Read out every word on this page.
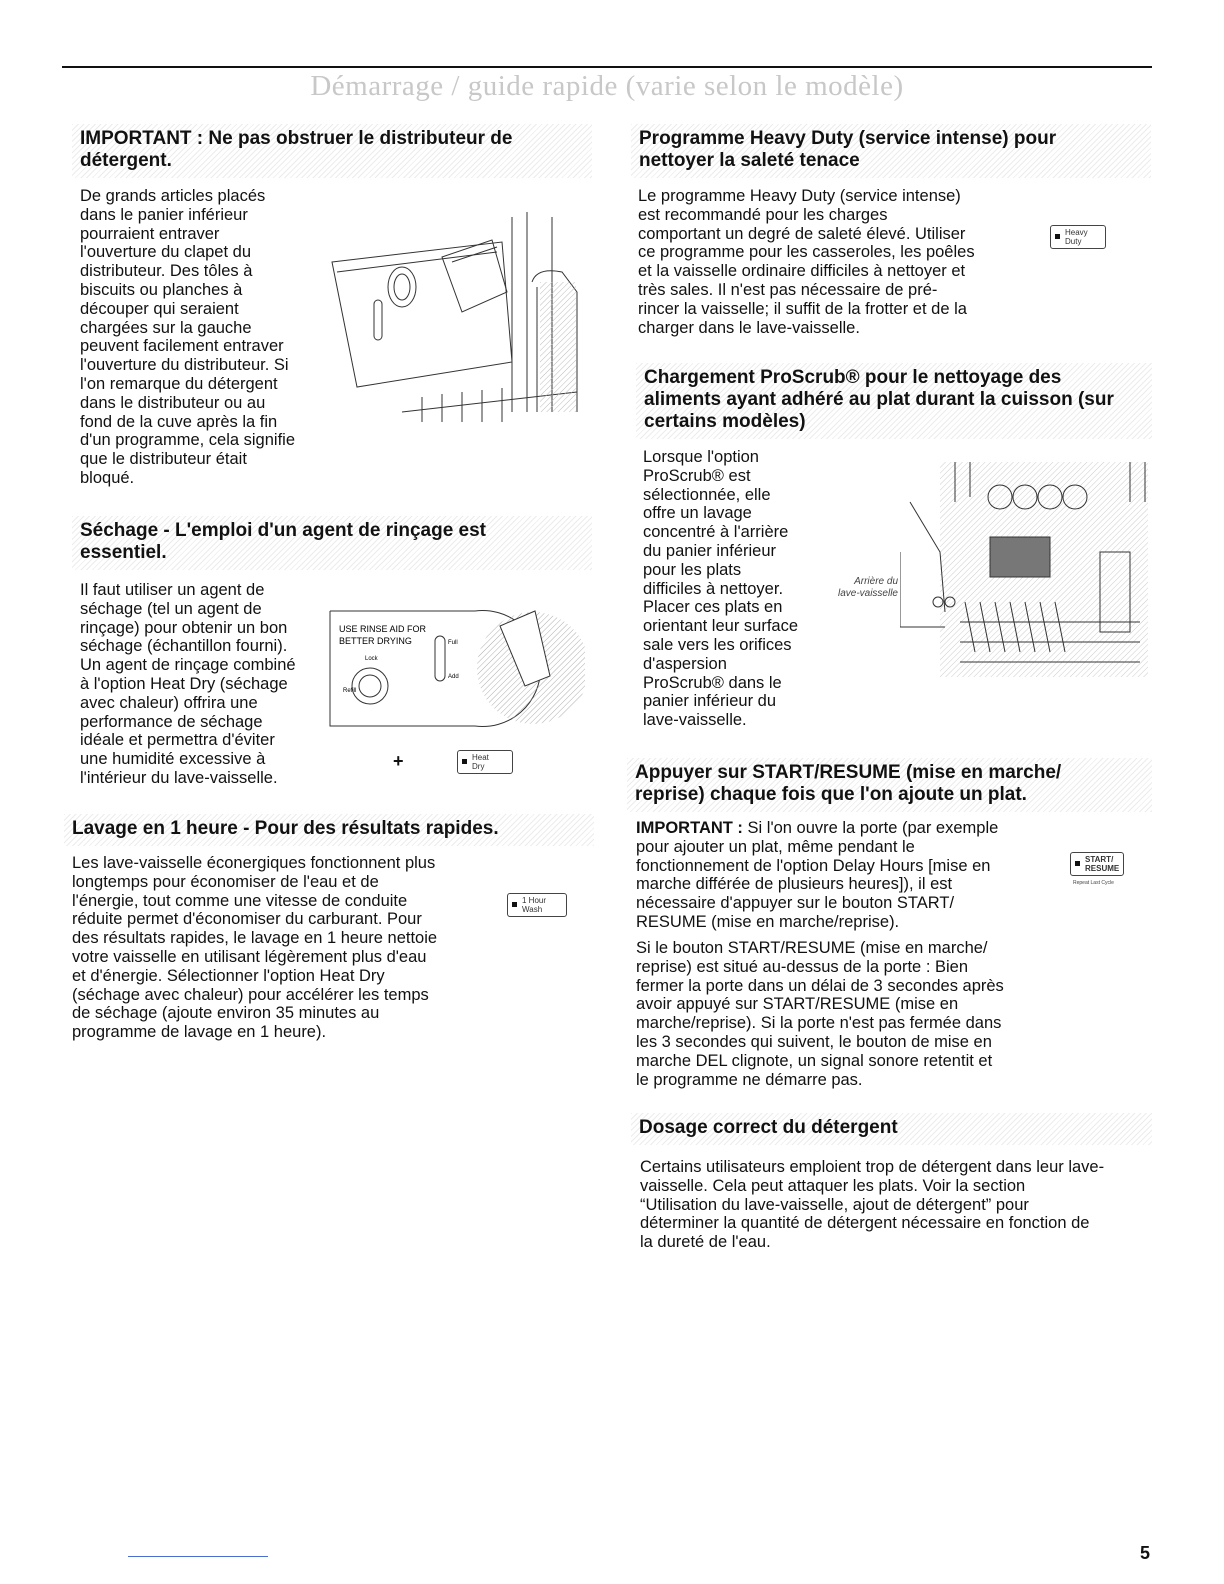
Démarrage / guide rapide (varie selon le modèle)
IMPORTANT : Ne pas obstruer le distributeur de
détergent.
De grands articles placés
dans le panier inférieur
pourraient entraver
l'ouverture du clapet du
distributeur. Des tôles à
biscuits ou planches à
découper qui seraient
chargées sur la gauche
peuvent facilement entraver
l'ouverture du distributeur. Si
l'on remarque du détergent
dans le distributeur ou au
fond de la cuve après la fin
d'un programme, cela signifie
que le distributeur était
bloqué.
Séchage - L'emploi d'un agent de rinçage est
essentiel.
Il faut utiliser un agent de
séchage (tel un agent de
rinçage) pour obtenir un bon
séchage (échantillon fourni).
Un agent de rinçage combiné
à l'option Heat Dry (séchage
avec chaleur) offrira une
performance de séchage
idéale et permettra d'éviter
une humidité excessive à
l'intérieur du lave-vaisselle.
USE RINSE AID FOR
BETTER DRYING
Lock
Refill
Full
Add
+	Heat
Dry
Lavage en 1 heure - Pour des résultats rapides.
Les lave-vaisselle éconergiques fonctionnent plus
longtemps pour économiser de l'eau et de
l'énergie, tout comme une vitesse de conduite
réduite permet d'économiser du carburant. Pour
des résultats rapides, le lavage en 1 heure nettoie
votre vaisselle en utilisant légèrement plus d'eau
et d'énergie. Sélectionner l'option Heat Dry
(séchage avec chaleur) pour accélérer les temps
de séchage (ajoute environ 35 minutes au
programme de lavage en 1 heure).
1 Hour
Wash
Programme Heavy Duty (service intense) pour
nettoyer la saleté tenace
Le programme Heavy Duty (service intense)
est recommandé pour les charges
comportant un degré de saleté élevé. Utiliser
ce programme pour les casseroles, les poêles
et la vaisselle ordinaire difficiles à nettoyer et
très sales. Il n'est pas nécessaire de pré-
rincer la vaisselle; il suffit de la frotter et de la
charger dans le lave-vaisselle.
Heavy
Duty
Chargement ProScrub® pour le nettoyage des
aliments ayant adhéré au plat durant la cuisson (sur
certains modèles)
Lorsque l'option
ProScrub® est
sélectionnée, elle
offre un lavage
concentré à l'arrière
du panier inférieur
pour les plats
difficiles à nettoyer.
Placer ces plats en
orientant leur surface
sale vers les orifices
d'aspersion
ProScrub® dans le
panier inférieur du
lave-vaisselle.
Arrière du
lave-vaisselle
Appuyer sur START/RESUME (mise en marche/
reprise) chaque fois que l'on ajoute un plat.
IMPORTANT : Si l'on ouvre la porte (par exemple
pour ajouter un plat, même pendant le
fonctionnement de l'option Delay Hours [mise en
marche différée de plusieurs heures]), il est
nécessaire d'appuyer sur le bouton START/
RESUME (mise en marche/reprise).
Si le bouton START/RESUME (mise en marche/
reprise) est situé au-dessus de la porte : Bien
fermer la porte dans un délai de 3 secondes après
avoir appuyé sur START/RESUME (mise en
marche/reprise). Si la porte n'est pas fermée dans
les 3 secondes qui suivent, le bouton de mise en
marche DEL clignote, un signal sonore retentit et
le programme ne démarre pas.
START/
RESUME
Repeat Last Cycle
Dosage correct du détergent
Certains utilisateurs emploient trop de détergent dans leur lave-
vaisselle. Cela peut attaquer les plats. Voir la section
“Utilisation du lave-vaisselle, ajout de détergent” pour
déterminer la quantité de détergent nécessaire en fonction de
la dureté de l'eau.
5
